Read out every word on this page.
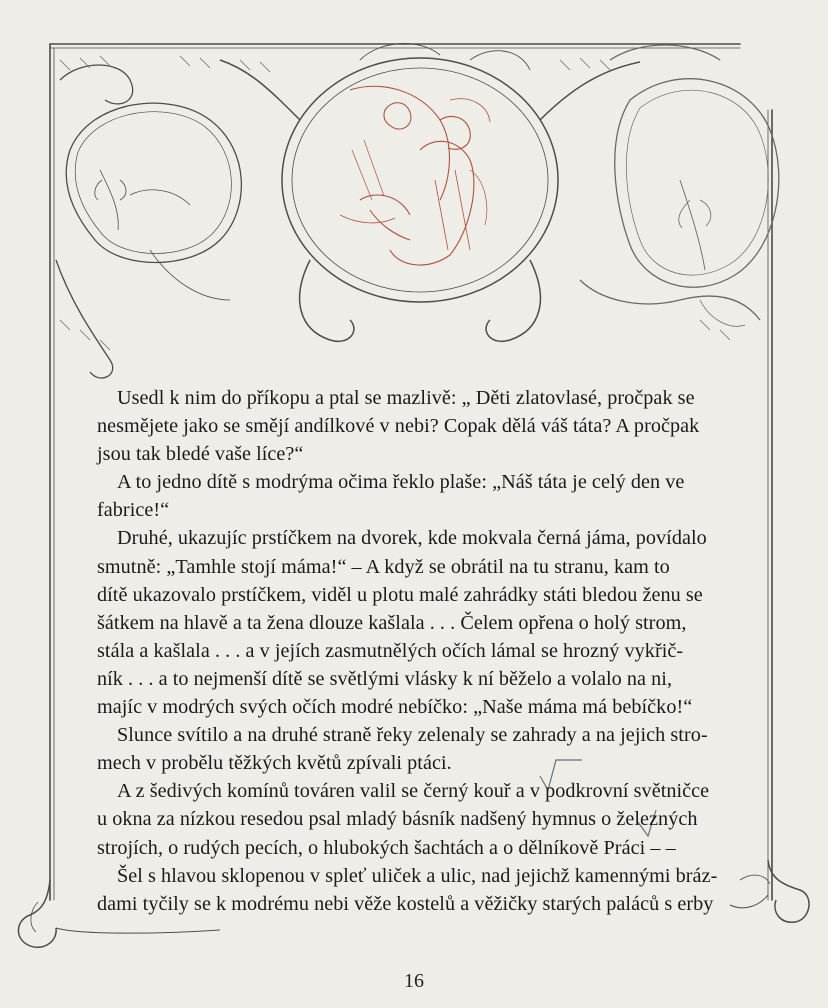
Usedl k nim do příkopu a ptal se mazlivě: „ Děti zlatovlasé, pročpak se
nesmějete jako se smějí andílkové v nebi? Copak dělá váš táta? A pročpak
jsou tak bledé vaše líce?“

A to jedno dítě s modrýma očima řeklo plaše: „Náš táta je celý den ve
fabrice!“

Druhé, ukazujíc prstíčkem na dvorek, kde mokvala černá jáma, povídalo
smutně: „Tamhle stojí máma!“ – A když se obrátil na tu stranu, kam to
dítě ukazovalo prstíčkem, viděl u plotu malé zahrádky státi bledou ženu se
šátkem na hlavě a ta žena dlouze kašlala . . . Čelem opřena o holý strom,
stála a kašlala . . . a v jejích zasmutnělých očích lámal se hrozný vykřič-
ník . . . a to nejmenší dítě se světlými vlásky k ní běželo a volalo na ni,
majíc v modrých svých očích modré nebíčko: „Naše máma má bebíčko!“

Slunce svítilo a na druhé straně řeky zelenaly se zahrady a na jejich stro-
mech v probělu těžkých květů zpívali ptáci.

A z šedivých komínů továren valil se černý kouř a v podkrovní světničce
u okna za nízkou resedou psal mladý básník nadšený hymnus o železných
strojích, o rudých pecích, o hlubokých šachtách a o dělníkově Práci – –

Šel s hlavou sklopenou v spleť uliček a ulic, nad jejichž kamennými bráz-
dami tyčily se k modrému nebi věže kostelů a věžičky starých paláců s erby

16
